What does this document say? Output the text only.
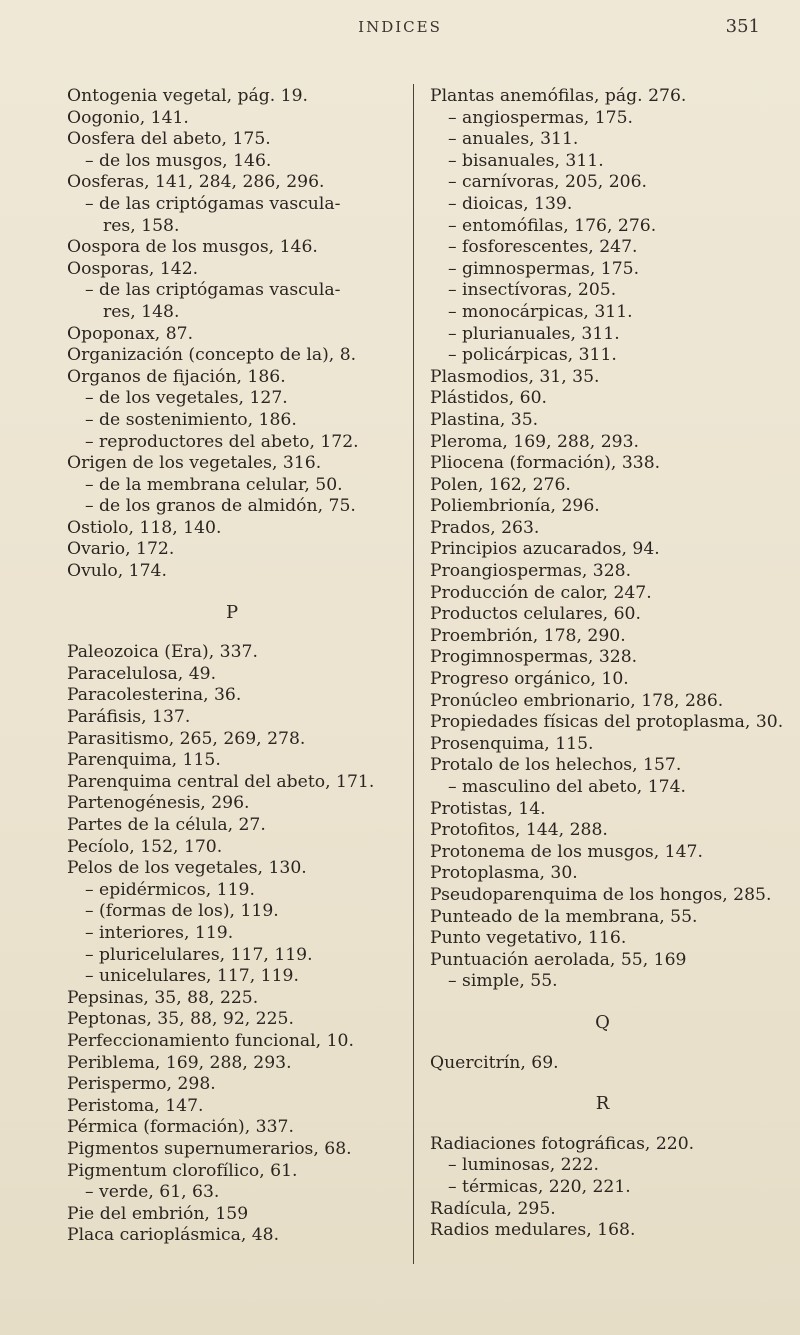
INDICES	351
Ontogenia vegetal, pág. 19.
Oogonio, 141.
Oosfera del abeto, 175.
– de los musgos, 146.
Oosferas, 141, 284, 286, 296.
– de las criptógamas vascula-
res, 158.
Oospora de los musgos, 146.
Oosporas, 142.
– de las criptógamas vascula-
res, 148.
Opoponax, 87.
Organización (concepto de la), 8.
Organos de fijación, 186.
– de los vegetales, 127.
– de sostenimiento, 186.
– reproductores del abeto, 172.
Origen de los vegetales, 316.
– de la membrana celular, 50.
– de los granos de almidón, 75.
Ostiolo, 118, 140.
Ovario, 172.
Ovulo, 174.
P
Paleozoica (Era), 337.
Paracelulosa, 49.
Paracolesterina, 36.
Paráfisis, 137.
Parasitismo, 265, 269, 278.
Parenquima, 115.
Parenquima central del abeto, 171.
Partenogénesis, 296.
Partes de la célula, 27.
Pecíolo, 152, 170.
Pelos de los vegetales, 130.
– epidérmicos, 119.
– (formas de los), 119.
– interiores, 119.
– pluricelulares, 117, 119.
– unicelulares, 117, 119.
Pepsinas, 35, 88, 225.
Peptonas, 35, 88, 92, 225.
Perfeccionamiento funcional, 10.
Periblema, 169, 288, 293.
Perispermo, 298.
Peristoma, 147.
Pérmica (formación), 337.
Pigmentos supernumerarios, 68.
Pigmentum clorofílico, 61.
– verde, 61, 63.
Pie del embrión, 159
Placa carioplásmica, 48.
Plantas anemófilas, pág. 276.
– angiospermas, 175.
– anuales, 311.
– bisanuales, 311.
– carnívoras, 205, 206.
– dioicas, 139.
– entomófilas, 176, 276.
– fosforescentes, 247.
– gimnospermas, 175.
– insectívoras, 205.
– monocárpicas, 311.
– plurianuales, 311.
– policárpicas, 311.
Plasmodios, 31, 35.
Plástidos, 60.
Plastina, 35.
Pleroma, 169, 288, 293.
Pliocena (formación), 338.
Polen, 162, 276.
Poliembrionía, 296.
Prados, 263.
Principios azucarados, 94.
Proangiospermas, 328.
Producción de calor, 247.
Productos celulares, 60.
Proembrión, 178, 290.
Progimnospermas, 328.
Progreso orgánico, 10.
Pronúcleo embrionario, 178, 286.
Propiedades físicas del protoplasma, 30.
Prosenquima, 115.
Protalo de los helechos, 157.
– masculino del abeto, 174.
Protistas, 14.
Protofitos, 144, 288.
Protonema de los musgos, 147.
Protoplasma, 30.
Pseudoparenquima de los hongos, 285.
Punteado de la membrana, 55.
Punto vegetativo, 116.
Puntuación aerolada, 55, 169
– simple, 55.
Q
Quercitrín, 69.
R
Radiaciones fotográficas, 220.
– luminosas, 222.
– térmicas, 220, 221.
Radícula, 295.
Radios medulares, 168.
